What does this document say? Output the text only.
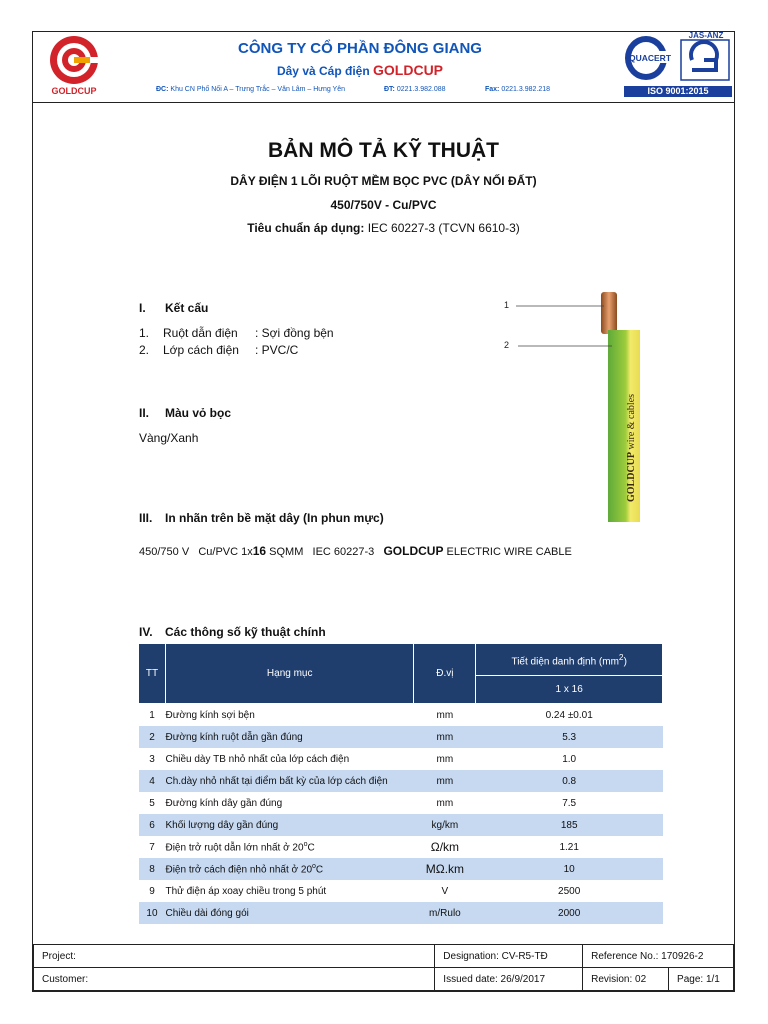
GOLDCUP
CÔNG TY CỔ PHẦN ĐÔNG GIANG
Dây và Cáp điện GOLDCUP
ĐC: Khu CN Phố Nối A – Trưng Trắc – Văn Lâm – Hưng Yên	ĐT: 0221.3.982.088	Fax: 0221.3.982.218
QUACERT
JAS-ANZ
ISO 9001:2015
BẢN MÔ TẢ KỸ THUẬT
DÂY ĐIỆN 1 LÕI RUỘT MỀM BỌC PVC (DÂY NỐI ĐẤT)
450/750V - Cu/PVC
Tiêu chuẩn áp dụng: IEC 60227-3 (TCVN 6610-3)
I. Kết cấu
1. Ruột dẫn điện : Sợi đồng bện
2. Lớp cách điện : PVC/C
II. Màu vỏ bọc
Vàng/Xanh
III. In nhãn trên bề mặt dây (In phun mực)
450/750 V   Cu/PVC 1x16 SQMM   IEC 60227-3   GOLDCUP ELECTRIC WIRE CABLE
IV. Các thông số kỹ thuật chính
1
2
GOLDCUP wire & cables
TT	Hạng mục	Đ.vị	Tiết diện danh định $(mm^2)$
			1 x 16
1	Đường kính sợi bện	mm	0.24 ±0.01
2	Đường kính ruột dẫn gần đúng	mm	5.3
3	Chiều dày TB nhỏ nhất của lớp cách điện	mm	1.0
4	Ch.dày nhỏ nhất tại điểm bất kỳ của lớp cách điện	mm	0.8
5	Đường kính dây gần đúng	mm	7.5
6	Khối lượng dây gần đúng	kg/km	185
7	Điện trở ruột dẫn lớn nhất ở 20$^o$C	Ω/km	1.21
8	Điện trở cách điện nhỏ nhất ở 20$^o$C	MΩ.km	10
9	Thử điện áp xoay chiều trong 5 phút	V	2500
10	Chiều dài đóng gói	m/Rulo	2000
Project:	Designation: CV-R5-TĐ	Reference No.: 170926-2	
Customer:	Issued date: 26/9/2017	Revision: 02	Page: 1/1
